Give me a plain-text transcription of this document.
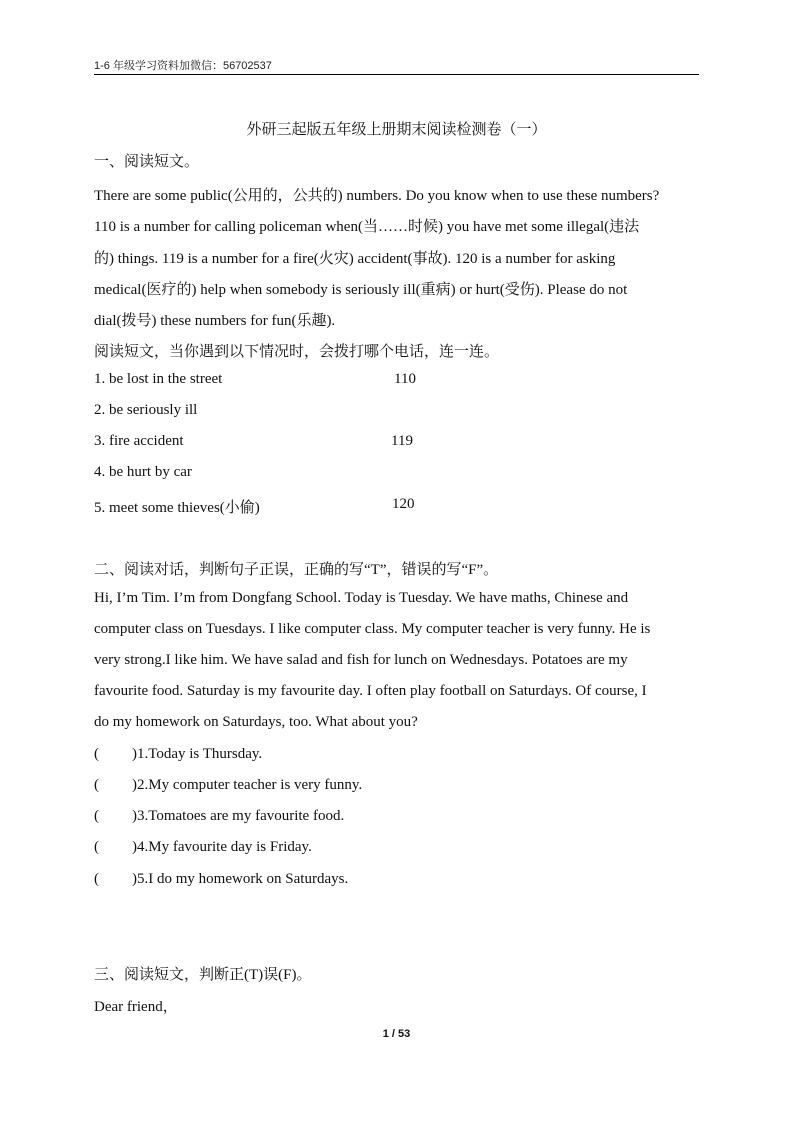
1-6 年级学习资料加微信：56702537
外研三起版五年级上册期末阅读检测卷（一）
一、阅读短文。
There are some public(公用的，公共的) numbers. Do you know when to use these numbers?
110 is a number for calling policeman when(当……时候) you have met some illegal(违法
的) things. 119 is a number for a fire(火灾) accident(事故). 120 is a number for asking
medical(医疗的) help when somebody is seriously ill(重病) or hurt(受伤). Please do not
dial(拨号) these numbers for fun(乐趣).
阅读短文，当你遇到以下情况时，会拨打哪个电话，连一连。
1. be lost in the street	110
2. be seriously ill
3. fire accident	119
4. be hurt by car
5. meet some thieves(小偷)	120
二、阅读对话，判断句子正误，正确的写“T”，错误的写“F”。
Hi, I’m Tim. I’m from Dongfang School. Today is Tuesday. We have maths, Chinese and
computer class on Tuesdays. I like computer class. My computer teacher is very funny. He is
very strong.I like him. We have salad and fish for lunch on Wednesdays. Potatoes are my
favourite food. Saturday is my favourite day. I often play football on Saturdays. Of course, I
do my homework on Saturdays, too. What about you?
( )1.Today is Thursday.
( )2.My computer teacher is very funny.
( )3.Tomatoes are my favourite food.
( )4.My favourite day is Friday.
( )5.I do my homework on Saturdays.
三、阅读短文，判断正(T)误(F)。
Dear friend，
1 / 53
